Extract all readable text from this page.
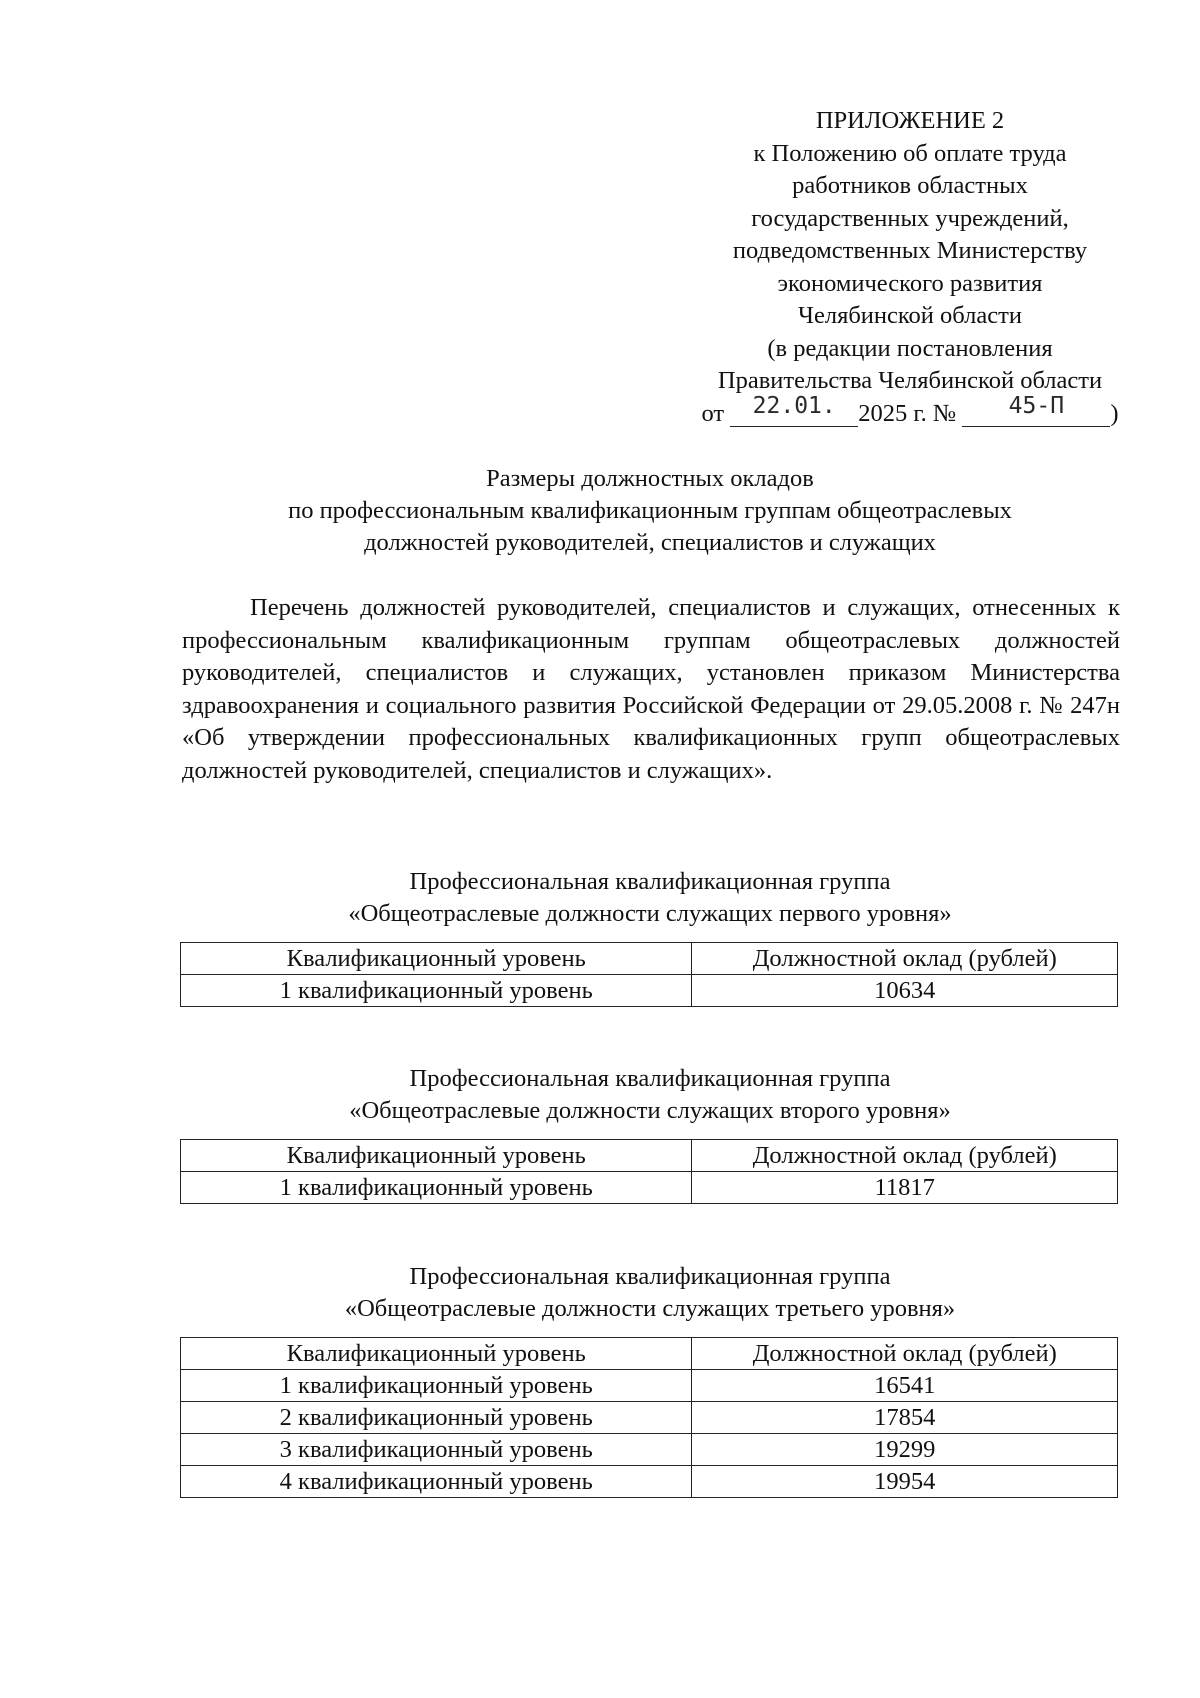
ПРИЛОЖЕНИЕ 2
к Положению об оплате труда
работников областных
государственных учреждений,
подведомственных Министерству
экономического развития
Челябинской области
(в редакции постановления
Правительства Челябинской области
от 22.01. 2025 г. № 45-П )
Размеры должностных окладов
по профессиональным квалификационным группам общеотраслевых
должностей руководителей, специалистов и служащих
Перечень должностей руководителей, специалистов и служащих, отнесенных к профессиональным квалификационным группам общеотраслевых должностей руководителей, специалистов и служащих, установлен приказом Министерства здравоохранения и социального развития Российской Федерации от 29.05.2008 г. № 247н «Об утверждении профессиональных квалификационных групп общеотраслевых должностей руководителей, специалистов и служащих».
Профессиональная квалификационная группа
«Общеотраслевые должности служащих первого уровня»
Квалификационный уровень	Должностной оклад (рублей)
1 квалификационный уровень	10634
Профессиональная квалификационная группа
«Общеотраслевые должности служащих второго уровня»
Квалификационный уровень	Должностной оклад (рублей)
1 квалификационный уровень	11817
Профессиональная квалификационная группа
«Общеотраслевые должности служащих третьего уровня»
Квалификационный уровень	Должностной оклад (рублей)
1 квалификационный уровень	16541
2 квалификационный уровень	17854
3 квалификационный уровень	19299
4 квалификационный уровень	19954
